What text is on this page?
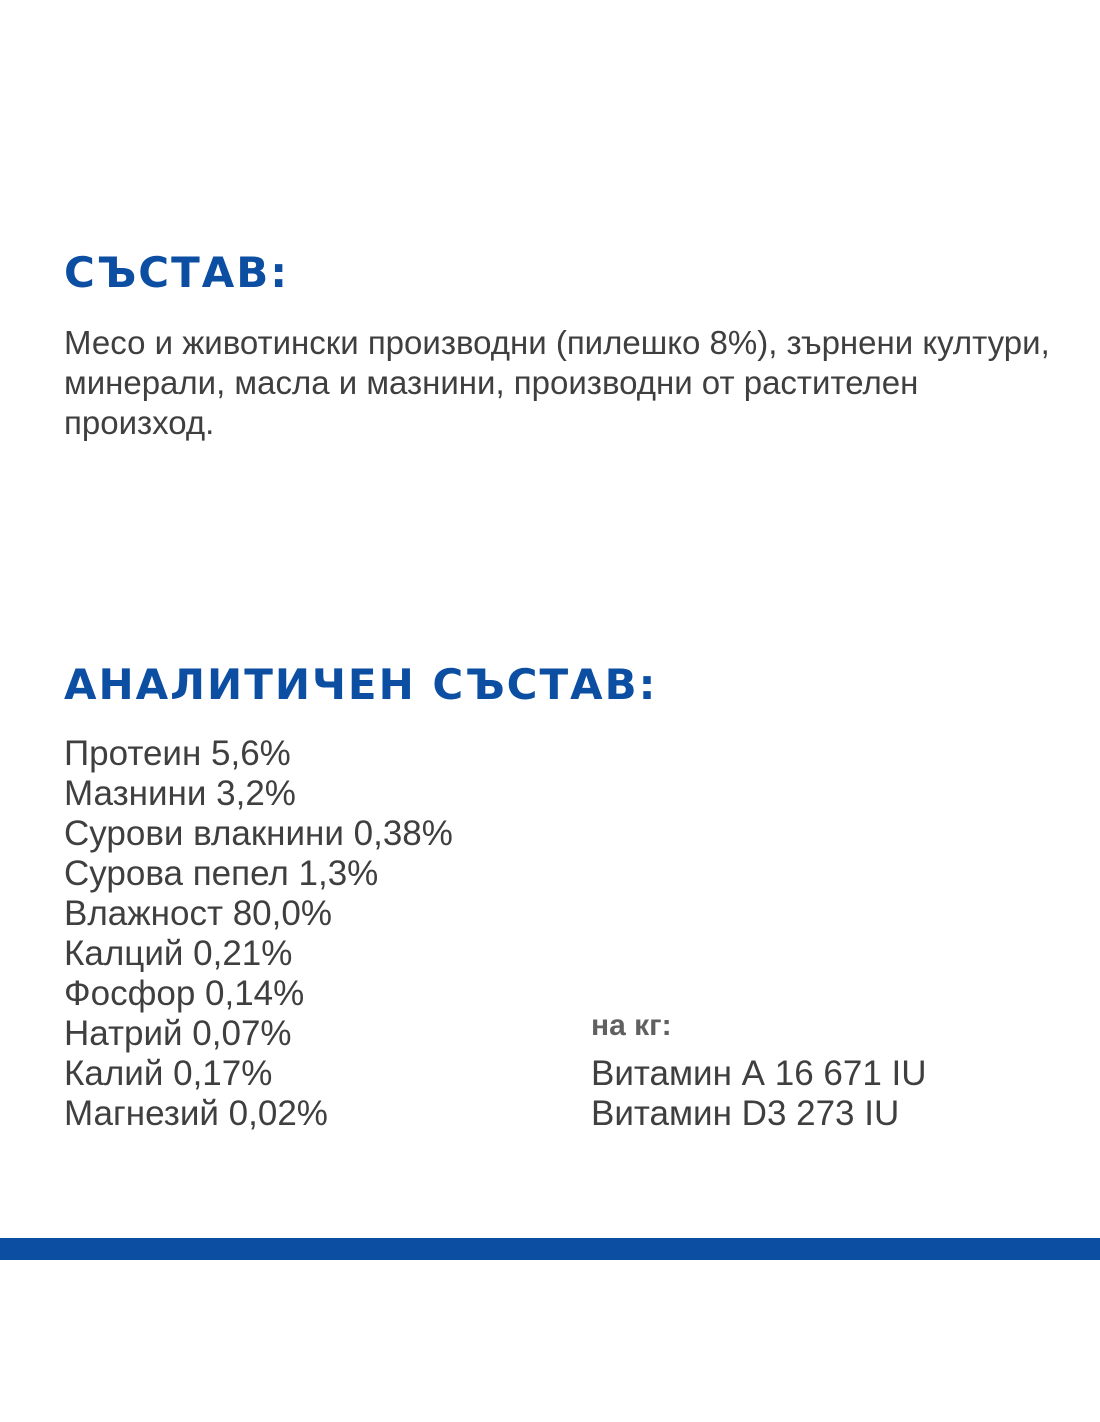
СЪСТАВ:

Месо и животински производни (пилешко 8%), зърнени култури, минерали, масла и мазнини, производни от растителен произход.

АНАЛИТИЧЕН СЪСТАВ:
Протеин 5,6%
Мазнини 3,2%
Сурови влакнини 0,38%
Сурова пепел 1,3%
Влажност 80,0%
Калций 0,21%
Фосфор 0,14%
Натрий 0,07%
Калий 0,17%
Магнезий 0,02%

на кг:

Витамин А 16 671 IU
Витамин D3 273 IU
